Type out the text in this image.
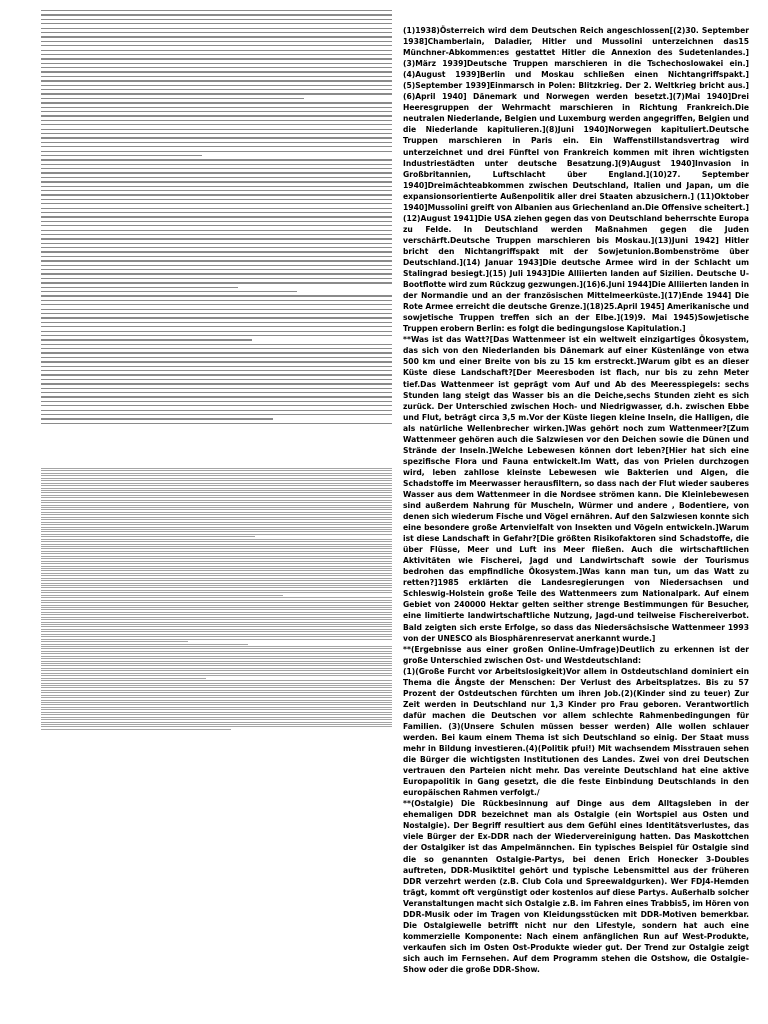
(1)1938)Österreich wird dem Deutschen Reich angeschlossen[(2)30. September 1938]Chamberlain, Daladier, Hitler und Mussolini unterzeichnen das15 Münchner-Abkommen:es gestattet Hitler die Annexion des Sudetenlandes.](3)März 1939]Deutsche Truppen marschieren in die Tschechoslowakei ein.](4)August 1939]Berlin und Moskau schließen einen Nichtangriffspakt.](5)September 1939]Einmarsch in Polen: Blitzkrieg. Der 2. Weltkrieg bricht aus.](6)April 1940] Dänemark und Norwegen werden besetzt.](7)Mai 1940]Drei Heeresgruppen der Wehrmacht marschieren in Richtung Frankreich.Die neutralen Niederlande, Belgien und Luxemburg werden angegriffen, Belgien und die Niederlande kapitulieren.](8)Juni 1940]Norwegen kapituliert.Deutsche Truppen marschieren in Paris ein. Ein Waffenstillstandsvertrag wird unterzeichnet und drei Fünftel von Frankreich kommen mit ihren wichtigsten Industriestädten unter deutsche Besatzung.](9)August 1940]Invasion in Großbritannien, Luftschlacht über England.](10)27. September 1940]Dreimächteabkommen zwischen Deutschland, Italien und Japan, um die expansionsorientierte Außenpolitik aller drei Staaten abzusichern.] (11)Oktober 1940]Mussolini greift von Albanien aus Griechenland an.Die Offensive scheitert.](12)August 1941]Die USA ziehen gegen das von Deutschland beherrschte Europa zu Felde. In Deutschland werden Maßnahmen gegen die Juden verschärft.Deutsche Truppen marschieren bis Moskau.](13)Juni 1942] Hitler bricht den Nichtangriffspakt mit der Sowjetunion.Bombenströme über Deutschland.](14) Januar 1943]Die deutsche Armee wird in der Schlacht um Stalingrad besiegt.](15) Juli 1943]Die Alliierten landen auf Sizilien. Deutsche U-Bootflotte wird zum Rückzug gezwungen.](16)6.Juni 1944]Die Alliierten landen in der Normandie und an der französischen Mittelmeerküste.](17)Ende 1944] Die Rote Armee erreicht die deutsche Grenze.](18)25.April 1945] Amerikanische und sowjetische Truppen treffen sich an der Elbe.](19)9. Mai 1945)Sowjetische Truppen erobern Berlin: es folgt die bedingungslose Kapitulation.]

**Was ist das Watt?[Das Wattenmeer ist ein weltweit einzigartiges Ökosystem, das sich von den Niederlanden bis Dänemark auf einer Küstenlänge von etwa 500 km und einer Breite von bis zu 15 km erstreckt.]Warum gibt es an dieser Küste diese Landschaft?[Der Meeresboden ist flach, nur bis zu zehn Meter tief.Das Wattenmeer ist geprägt vom Auf und Ab des Meeresspiegels: sechs Stunden lang steigt das Wasser bis an die Deiche,sechs Stunden zieht es sich zurück. Der Unterschied zwischen Hoch- und Niedrigwasser, d.h. zwischen Ebbe und Flut, beträgt circa 3,5 m.Vor der Küste liegen kleine Inseln, die Halligen, die als natürliche Wellenbrecher wirken.]Was gehört noch zum Wattenmeer?[Zum Wattenmeer gehören auch die Salzwiesen vor den Deichen sowie die Dünen und Strände der Inseln.]Welche Lebewesen können dort leben?[Hier hat sich eine spezifische Flora und Fauna entwickelt.Im Watt, das von Prielen durchzogen wird, leben zahllose kleinste Lebewesen wie Bakterien und Algen, die Schadstoffe im Meerwasser herausfiltern, so dass nach der Flut wieder sauberes Wasser aus dem Wattenmeer in die Nordsee strömen kann. Die Kleinlebewesen sind außerdem Nahrung für Muscheln, Würmer und andere , Bodentiere, von denen sich wiederum Fische und Vögel ernähren. Auf den Salzwiesen konnte sich eine besondere große Artenvielfalt von Insekten und Vögeln entwickeln.]Warum ist diese Landschaft in Gefahr?[Die größten Risikofaktoren sind Schadstoffe, die über Flüsse, Meer und Luft ins Meer fließen. Auch die wirtschaftlichen Aktivitäten wie Fischerei, Jagd und Landwirtschaft sowie der Tourismus bedrohen das empfindliche Ökosystem.]Was kann man tun, um das Watt zu retten?]1985 erklärten die Landesregierungen von Niedersachsen und Schleswig-Holstein große Teile des Wattenmeers zum Nationalpark. Auf einem Gebiet von 240000 Hektar gelten seither strenge Bestimmungen für Besucher, eine limitierte landwirtschaftliche Nutzung, Jagd-und teilweise Fischereiverbot. Bald zeigten sich erste Erfolge, so dass das Niedersächsische Wattenmeer 1993 von der UNESCO als Biosphärenreservat anerkannt wurde.]

**(Ergebnisse aus einer großen Online-Umfrage)Deutlich zu erkennen ist der große Unterschied zwischen Ost- und Westdeutschland:

(1)(Große Furcht vor Arbeitslosigkeit)Vor allem in Ostdeutschland dominiert ein Thema die Ängste der Menschen: Der Verlust des Arbeitsplatzes. Bis zu 57 Prozent der Ostdeutschen fürchten um ihren Job.(2)(Kinder sind zu teuer) Zur Zeit werden in Deutschland nur 1,3 Kinder pro Frau geboren. Verantwortlich dafür machen die Deutschen vor allem schlechte Rahmenbedingungen für Familien. (3)(Unsere Schulen müssen besser werden) Alle wollen schlauer werden. Bei kaum einem Thema ist sich Deutschland so einig. Der Staat muss mehr in Bildung investieren.(4)(Politik pfui!) Mit wachsendem Misstrauen sehen die Bürger die wichtigsten Institutionen des Landes. Zwei von drei Deutschen vertrauen den Parteien nicht mehr. Das vereinte Deutschland hat eine aktive Europapolitik in Gang gesetzt, die die feste Einbindung Deutschlands in den europäischen Rahmen verfolgt./

**(Ostalgie) Die Rückbesinnung auf Dinge aus dem Alltagsleben in der ehemaligen DDR bezeichnet man als Ostalgie (ein Wortspiel aus Osten und Nostalgie). Der Begriff resultiert aus dem Gefühl eines Identitätsverlustes, das viele Bürger der Ex-DDR nach der Wiedervereinigung hatten. Das Maskottchen der Ostalgiker ist das Ampelmännchen. Ein typisches Beispiel für Ostalgie sind die so genannten Ostalgie-Partys, bei denen Erich Honecker 3-Doubles auftreten, DDR-Musiktitel gehört und typische Lebensmittel aus der früheren DDR verzehrt werden (z.B. Club Cola und Spreewaldgurken). Wer FDJ4-Hemden trägt, kommt oft vergünstigt oder kostenlos auf diese Partys. Außerhalb solcher Veranstaltungen macht sich Ostalgie z.B. im Fahren eines Trabbis5, im Hören von DDR-Musik oder im Tragen von Kleidungsstücken mit DDR-Motiven bemerkbar. Die Ostalgiewelle betrifft nicht nur den Lifestyle, sondern hat auch eine kommerzielle Komponente: Nach einem anfänglichen Run auf West-Produkte, verkaufen sich im Osten Ost-Produkte wieder gut. Der Trend zur Ostalgie zeigt sich auch im Fernsehen. Auf dem Programm stehen die Ostshow, die Ostalgie-Show oder die große DDR-Show.
